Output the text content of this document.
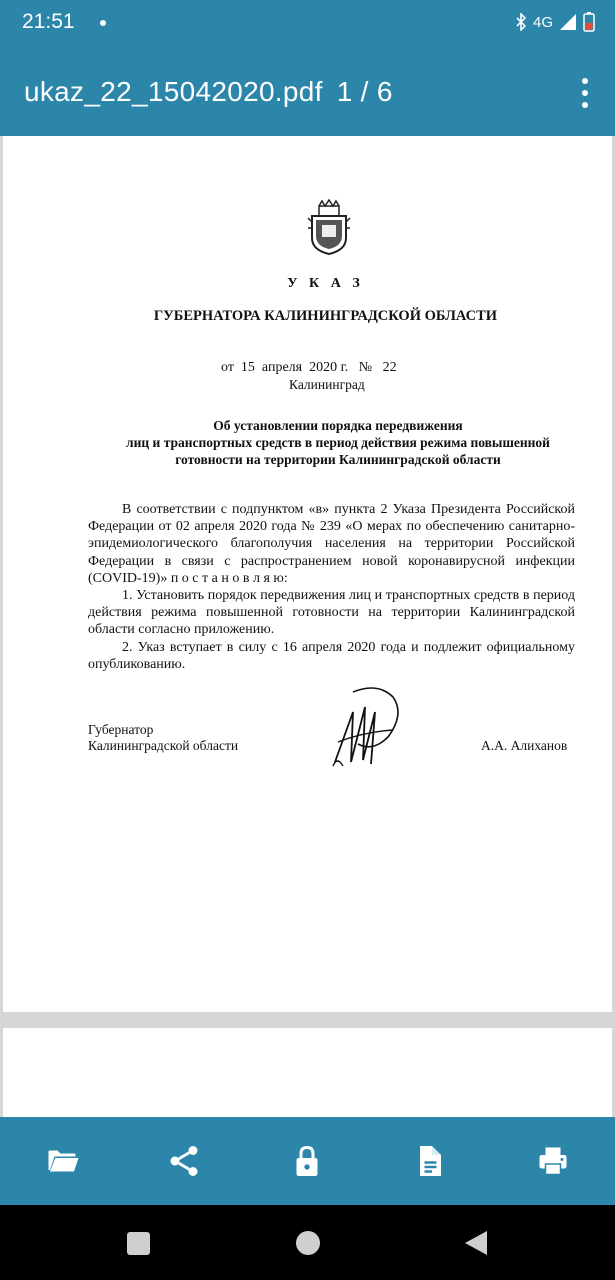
21:51	4G
ukaz_22_15042020.pdf 1 / 6
У К А З
ГУБЕРНАТОРА КАЛИНИНГРАДСКОЙ ОБЛАСТИ
от  15  апреля  2020 г.   №   22
Калининград
Об установлении порядка передвижения
лиц и транспортных средств в период действия режима повышенной
готовности на территории Калининградской области

В соответствии с подпунктом «в» пункта 2 Указа Президента Российской Федерации от 02 апреля 2020 года № 239 «О мерах по обеспечению санитарно-эпидемиологического благополучия населения на территории Российской Федерации в связи с распространением новой коронавирусной инфекции (COVID-19)» п о с т а н о в л я ю:

1. Установить порядок передвижения лиц и транспортных средств в период действия режима повышенной готовности на территории Калининградской области согласно приложению.

2. Указ вступает в силу с 16 апреля 2020 года и подлежит официальному опубликованию.

Губернатор
Калининградской области	А.А. Алиханов
